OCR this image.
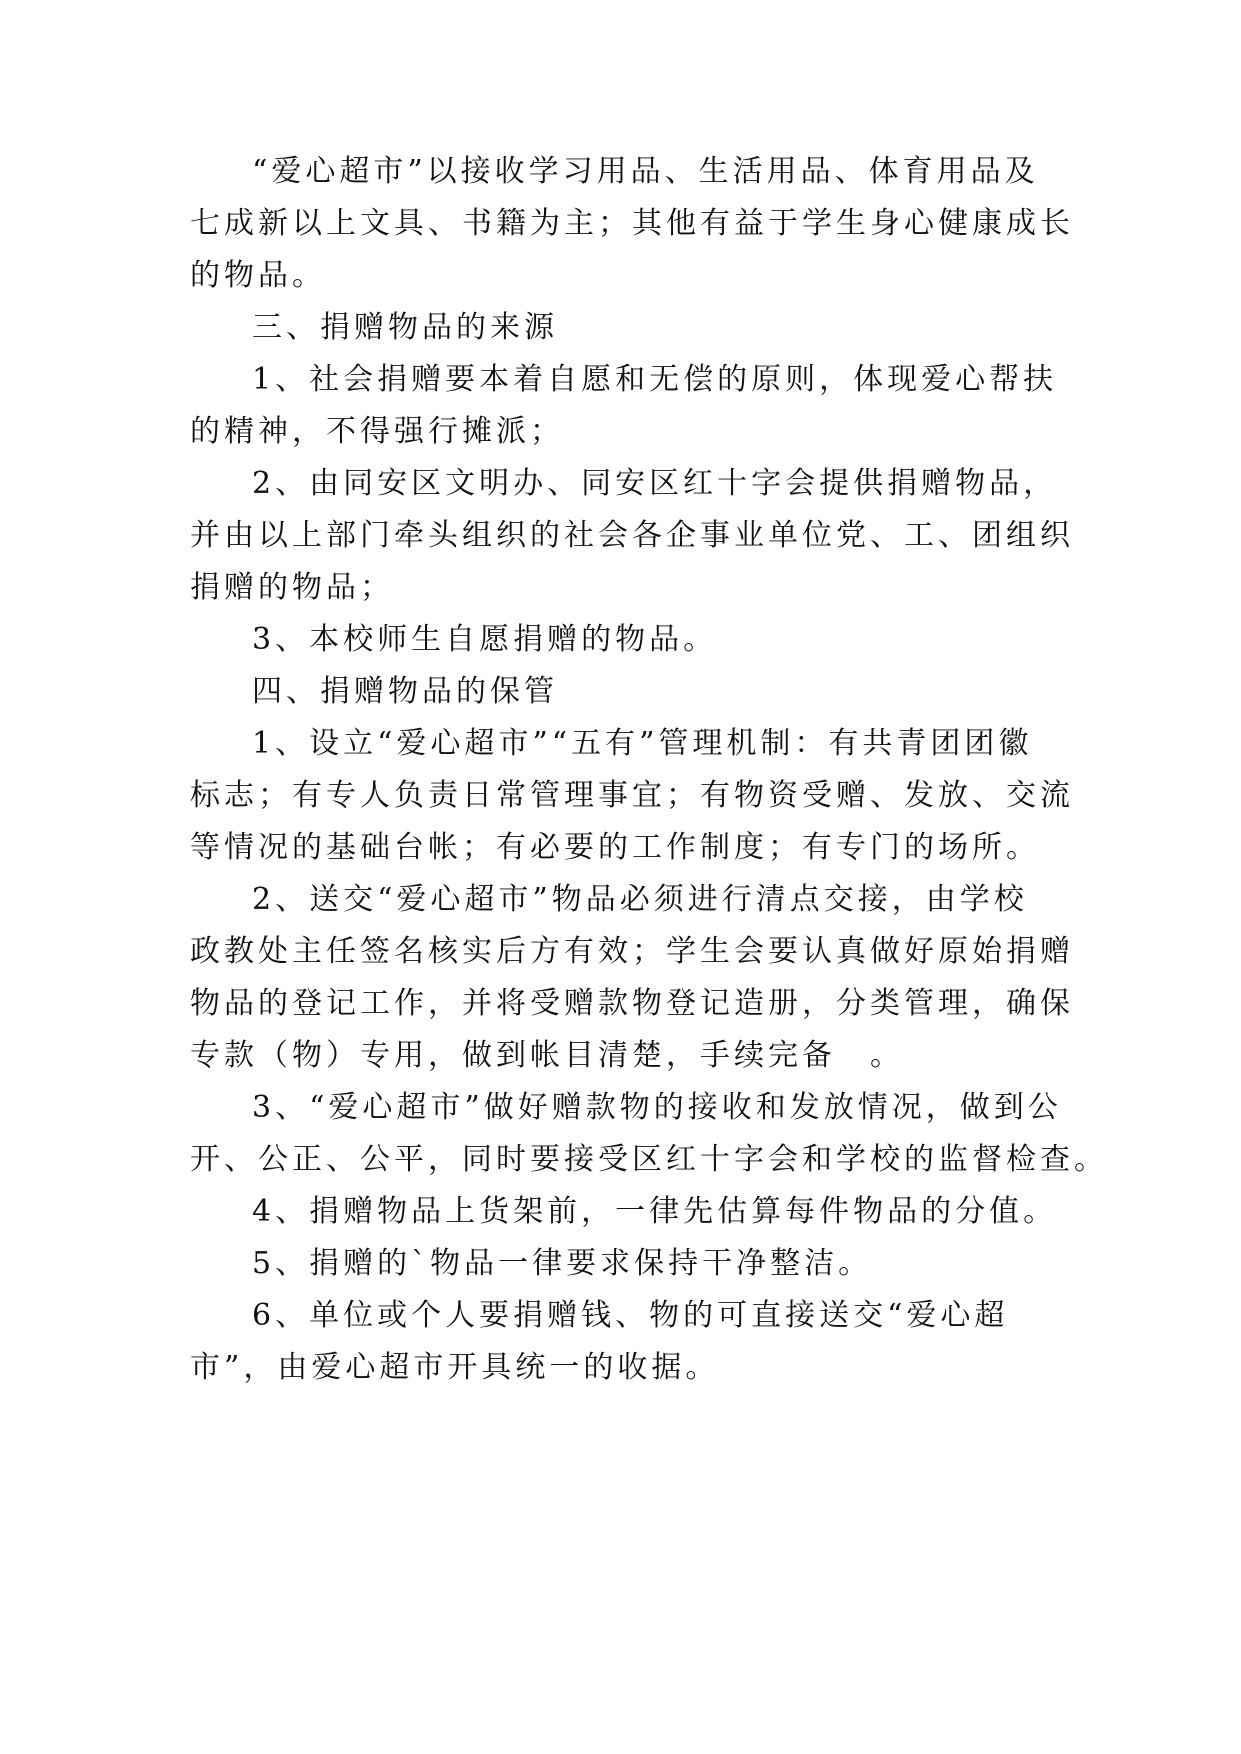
“爱心超市”以接收学习用品、生活用品、体育用品及
七成新以上文具、书籍为主；其他有益于学生身心健康成长
的物品。
三、捐赠物品的来源
1、社会捐赠要本着自愿和无偿的原则，体现爱心帮扶
的精神，不得强行摊派；
2、由同安区文明办、同安区红十字会提供捐赠物品，
并由以上部门牵头组织的社会各企事业单位党、工、团组织
捐赠的物品；
3、本校师生自愿捐赠的物品。
四、捐赠物品的保管
1、设立“爱心超市”“五有”管理机制：有共青团团徽
标志；有专人负责日常管理事宜；有物资受赠、发放、交流
等情况的基础台帐；有必要的工作制度；有专门的场所。
2、送交“爱心超市”物品必须进行清点交接，由学校
政教处主任签名核实后方有效；学生会要认真做好原始捐赠
物品的登记工作，并将受赠款物登记造册，分类管理，确保
专款（物）专用，做到帐目清楚，手续完备　。
3、“爱心超市”做好赠款物的接收和发放情况，做到公
开、公正、公平，同时要接受区红十字会和学校的监督检查。
4、捐赠物品上货架前，一律先估算每件物品的分值。
5、捐赠的`物品一律要求保持干净整洁。
6、单位或个人要捐赠钱、物的可直接送交“爱心超
市”，由爱心超市开具统一的收据。
